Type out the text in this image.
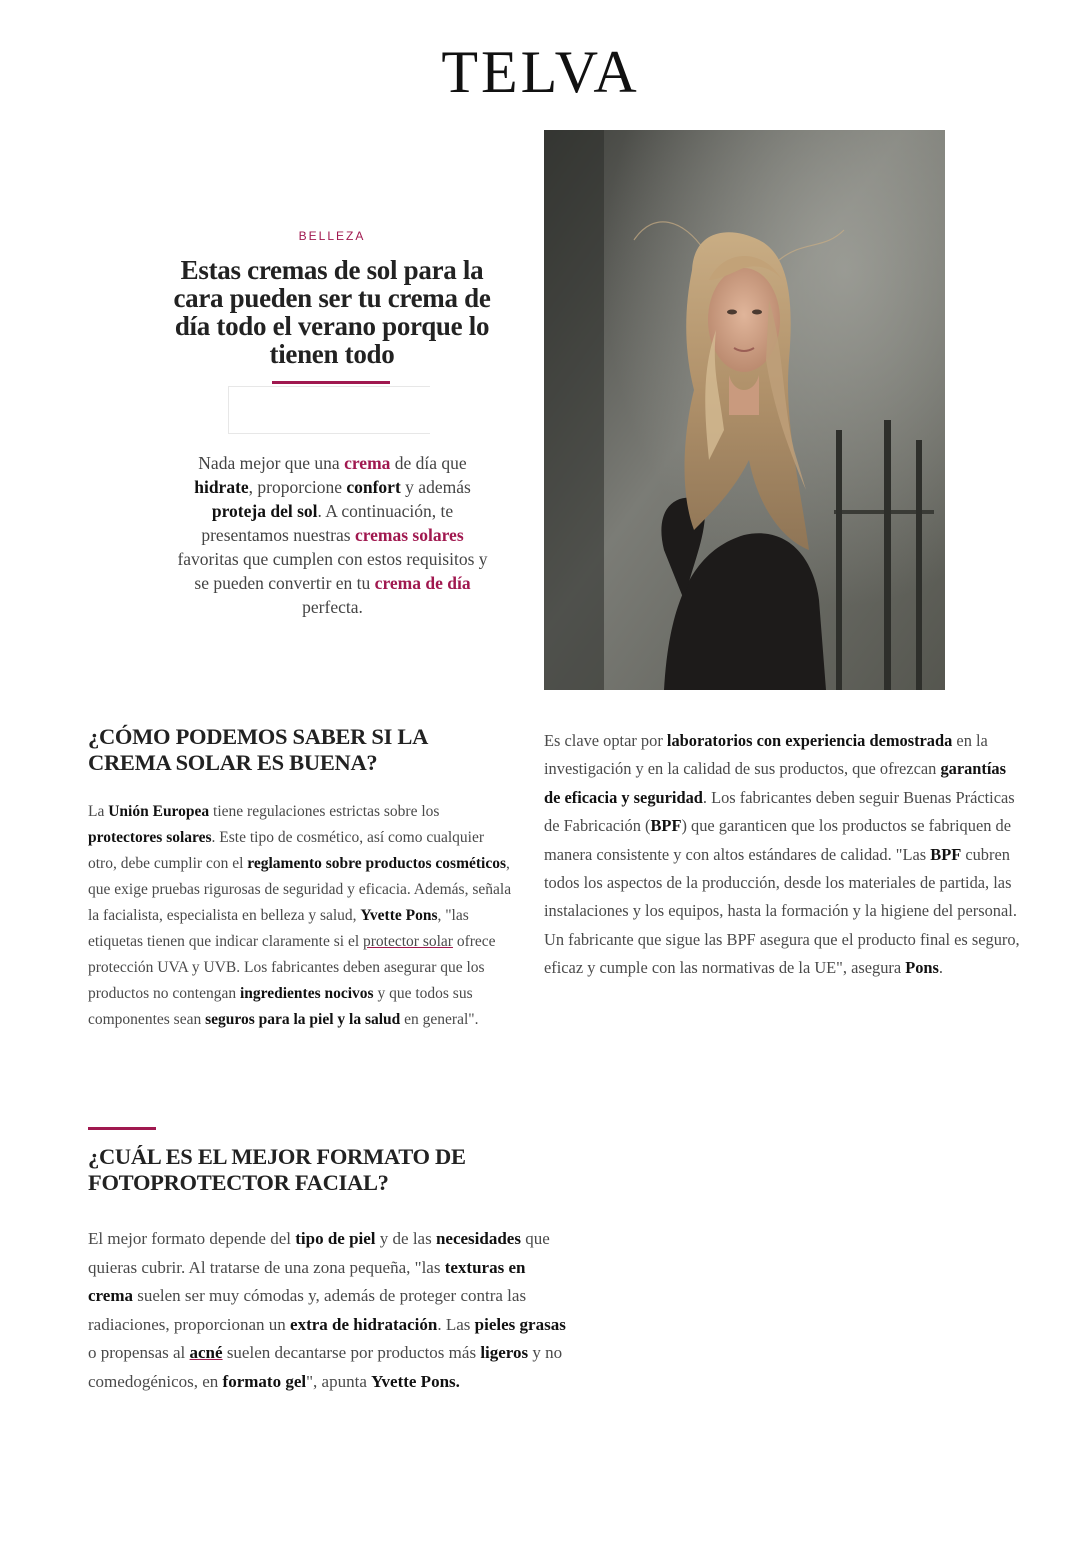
TELVA
BELLEZA
Estas cremas de sol para la cara pueden ser tu crema de día todo el verano porque lo tienen todo

Nada mejor que una crema de día que hidrate, proporcione confort y además proteja del sol. A continuación, te presentamos nuestras cremas solares favoritas que cumplen con estos requisitos y se pueden convertir en tu crema de día perfecta.

¿CÓMO PODEMOS SABER SI LA CREMA SOLAR ES BUENA?

La Unión Europea tiene regulaciones estrictas sobre los protectores solares. Este tipo de cosmético, así como cualquier otro, debe cumplir con el reglamento sobre productos cosméticos, que exige pruebas rigurosas de seguridad y eficacia. Además, señala la facialista, especialista en belleza y salud, Yvette Pons, "las etiquetas tienen que indicar claramente si el protector solar ofrece protección UVA y UVB. Los fabricantes deben asegurar que los productos no contengan ingredientes nocivos y que todos sus componentes sean seguros para la piel y la salud en general".

Es clave optar por laboratorios con experiencia demostrada en la investigación y en la calidad de sus productos, que ofrezcan garantías de eficacia y seguridad. Los fabricantes deben seguir Buenas Prácticas de Fabricación (BPF) que garanticen que los productos se fabriquen de manera consistente y con altos estándares de calidad. "Las BPF cubren todos los aspectos de la producción, desde los materiales de partida, las instalaciones y los equipos, hasta la formación y la higiene del personal. Un fabricante que sigue las BPF asegura que el producto final es seguro, eficaz y cumple con las normativas de la UE", asegura Pons.

¿CUÁL ES EL MEJOR FORMATO DE FOTOPROTECTOR FACIAL?

El mejor formato depende del tipo de piel y de las necesidades que quieras cubrir. Al tratarse de una zona pequeña, "las texturas en crema suelen ser muy cómodas y, además de proteger contra las radiaciones, proporcionan un extra de hidratación. Las pieles grasas o propensas al acné suelen decantarse por productos más ligeros y no comedogénicos, en formato gel", apunta Yvette Pons.
